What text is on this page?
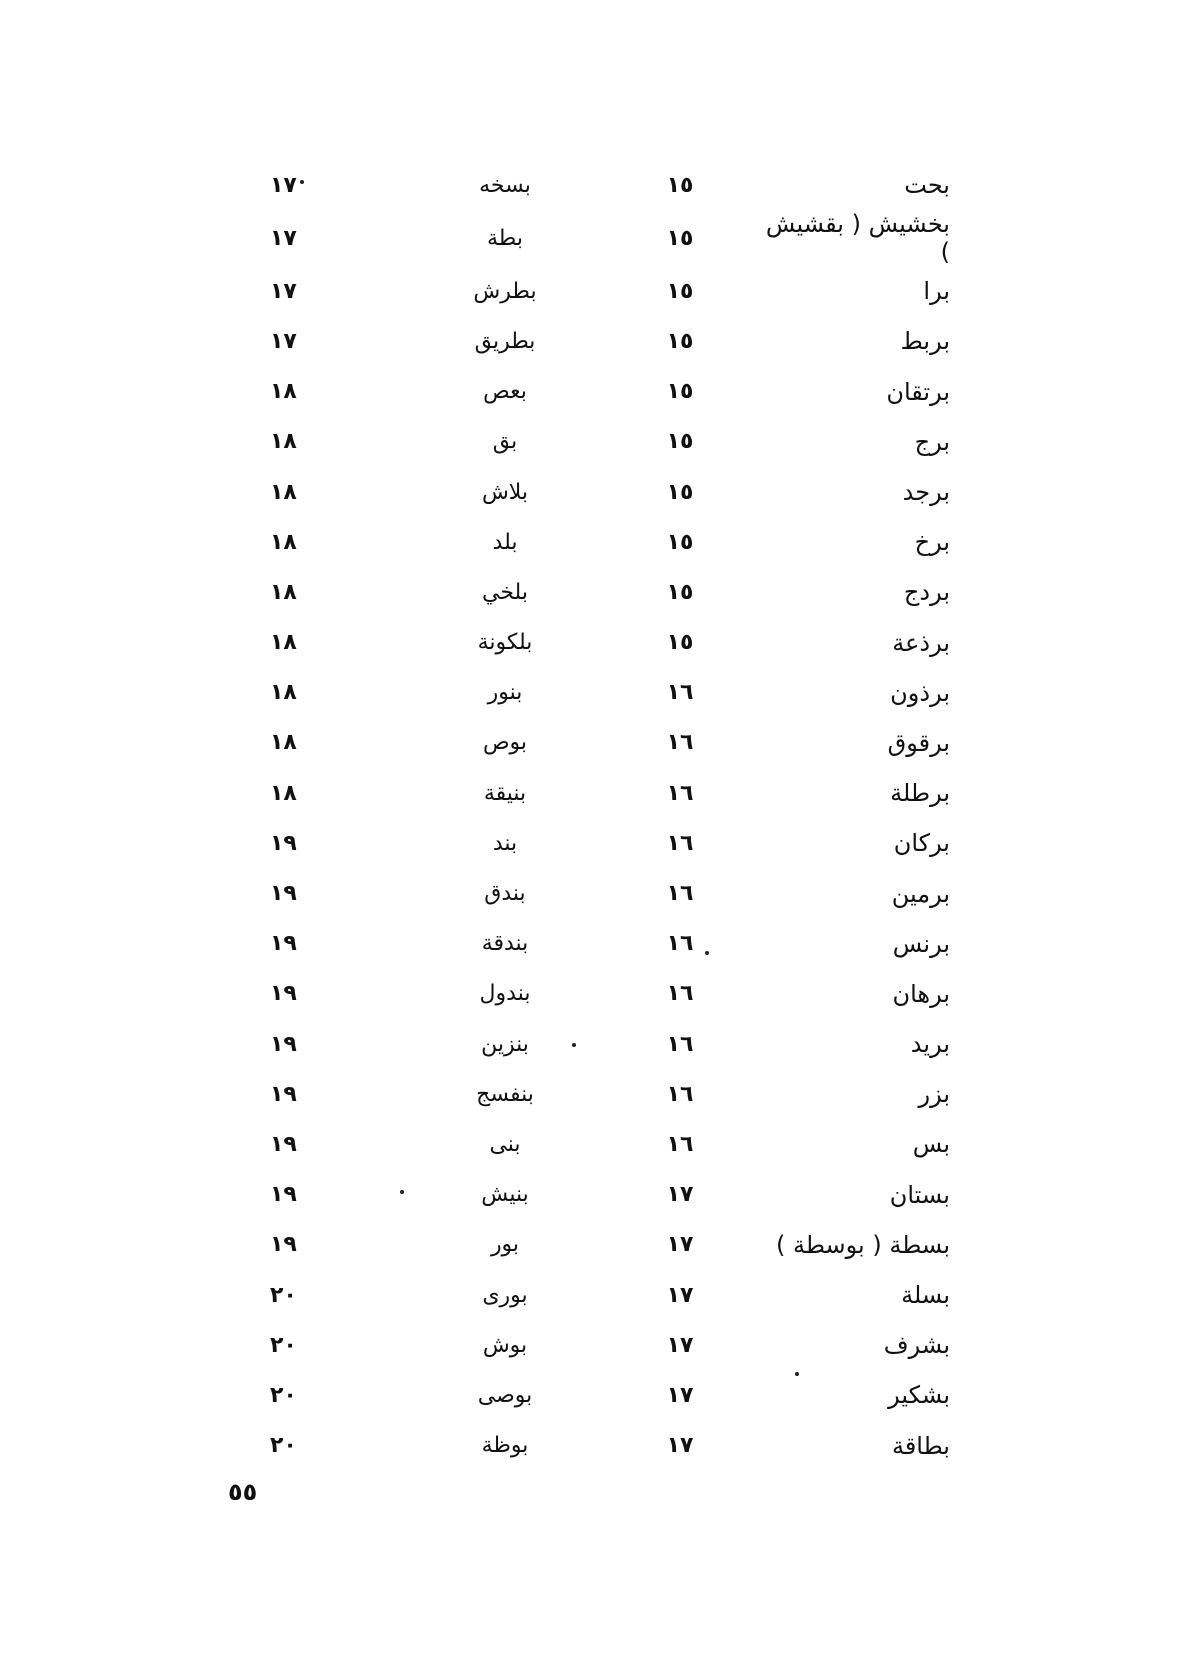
بحت	١٥	بسخه	١٧
بخشيش ( بقشيش )	١٥	بطة	١٧
برا	١٥	بطرش	١٧
بربط	١٥	بطريق	١٧
برتقان	١٥	بعص	١٨
برج	١٥	بق	١٨
برجد	١٥	بلاش	١٨
برخ	١٥	بلد	١٨
بردج	١٥	بلخي	١٨
برذعة	١٥	بلكونة	١٨
برذون	١٦	بنور	١٨
برقوق	١٦	بوص	١٨
برطلة	١٦	بنيقة	١٨
بركان	١٦	بند	١٩
برمين	١٦	بندق	١٩
برنس	١٦	بندقة	١٩
برهان	١٦	بندول	١٩
بريد	١٦	بنزين	١٩
بزر	١٦	بنفسج	١٩
بس	١٦	بنى	١٩
بستان	١٧	بنيش	١٩
بسطة ( بوسطة )	١٧	بور	١٩
بسلة	١٧	بورى	٢٠
بشرف	١٧	بوش	٢٠
بشكير	١٧	بوصى	٢٠
بطاقة	١٧	بوظة	٢٠
٥٥
